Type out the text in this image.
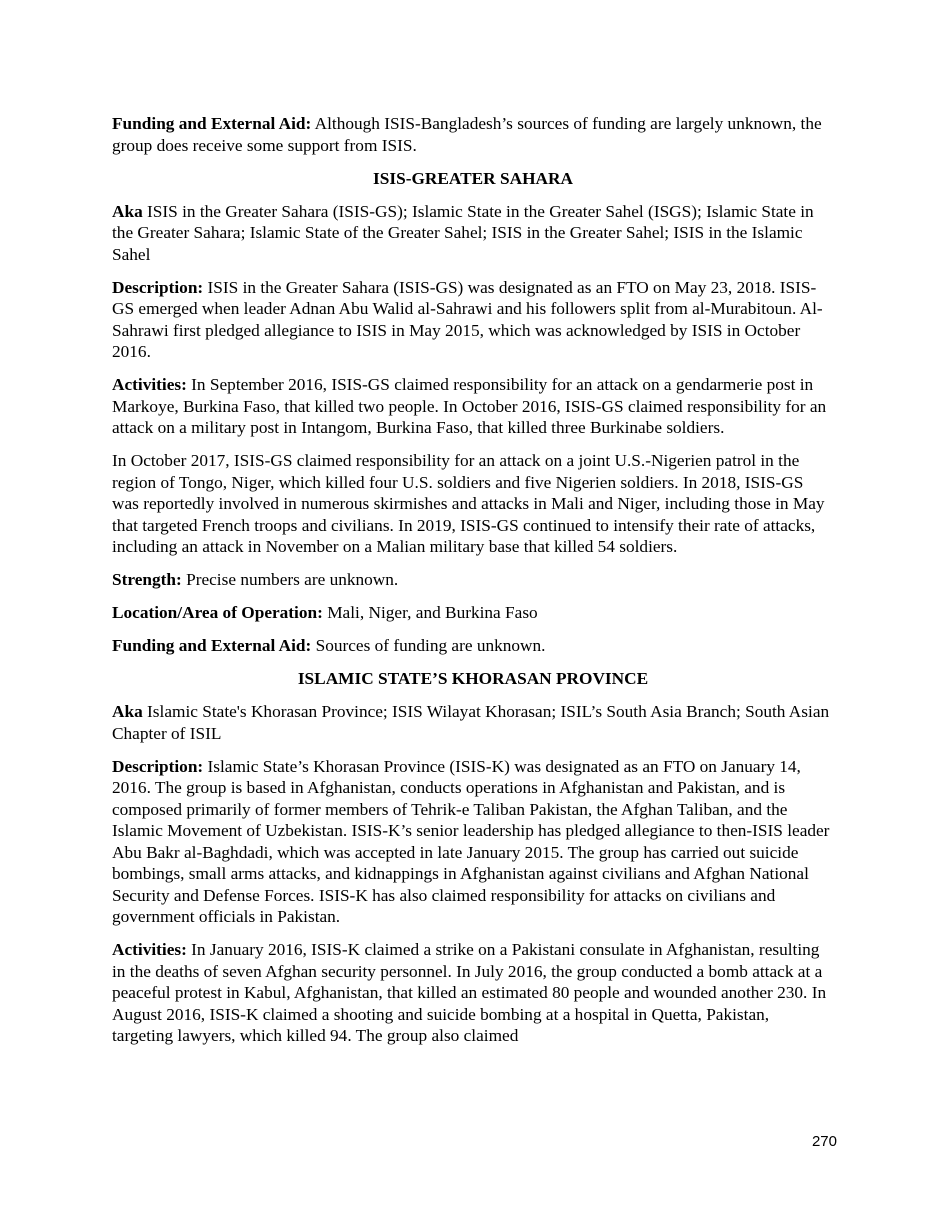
Funding and External Aid: Although ISIS-Bangladesh’s sources of funding are largely unknown, the group does receive some support from ISIS.

ISIS-GREATER SAHARA

Aka ISIS in the Greater Sahara (ISIS-GS); Islamic State in the Greater Sahel (ISGS); Islamic State in the Greater Sahara; Islamic State of the Greater Sahel; ISIS in the Greater Sahel; ISIS in the Islamic Sahel

Description: ISIS in the Greater Sahara (ISIS-GS) was designated as an FTO on May 23, 2018. ISIS-GS emerged when leader Adnan Abu Walid al-Sahrawi and his followers split from al-Murabitoun. Al-Sahrawi first pledged allegiance to ISIS in May 2015, which was acknowledged by ISIS in October 2016.

Activities: In September 2016, ISIS-GS claimed responsibility for an attack on a gendarmerie post in Markoye, Burkina Faso, that killed two people. In October 2016, ISIS-GS claimed responsibility for an attack on a military post in Intangom, Burkina Faso, that killed three Burkinabe soldiers.

In October 2017, ISIS-GS claimed responsibility for an attack on a joint U.S.-Nigerien patrol in the region of Tongo, Niger, which killed four U.S. soldiers and five Nigerien soldiers. In 2018, ISIS-GS was reportedly involved in numerous skirmishes and attacks in Mali and Niger, including those in May that targeted French troops and civilians. In 2019, ISIS-GS continued to intensify their rate of attacks, including an attack in November on a Malian military base that killed 54 soldiers.

Strength: Precise numbers are unknown.

Location/Area of Operation: Mali, Niger, and Burkina Faso

Funding and External Aid: Sources of funding are unknown.

ISLAMIC STATE’S KHORASAN PROVINCE

Aka Islamic State's Khorasan Province; ISIS Wilayat Khorasan; ISIL’s South Asia Branch; South Asian Chapter of ISIL

Description: Islamic State’s Khorasan Province (ISIS-K) was designated as an FTO on January 14, 2016. The group is based in Afghanistan, conducts operations in Afghanistan and Pakistan, and is composed primarily of former members of Tehrik-e Taliban Pakistan, the Afghan Taliban, and the Islamic Movement of Uzbekistan. ISIS-K’s senior leadership has pledged allegiance to then-ISIS leader Abu Bakr al-Baghdadi, which was accepted in late January 2015. The group has carried out suicide bombings, small arms attacks, and kidnappings in Afghanistan against civilians and Afghan National Security and Defense Forces. ISIS-K has also claimed responsibility for attacks on civilians and government officials in Pakistan.

Activities: In January 2016, ISIS-K claimed a strike on a Pakistani consulate in Afghanistan, resulting in the deaths of seven Afghan security personnel. In July 2016, the group conducted a bomb attack at a peaceful protest in Kabul, Afghanistan, that killed an estimated 80 people and wounded another 230. In August 2016, ISIS-K claimed a shooting and suicide bombing at a hospital in Quetta, Pakistan, targeting lawyers, which killed 94. The group also claimed

270
